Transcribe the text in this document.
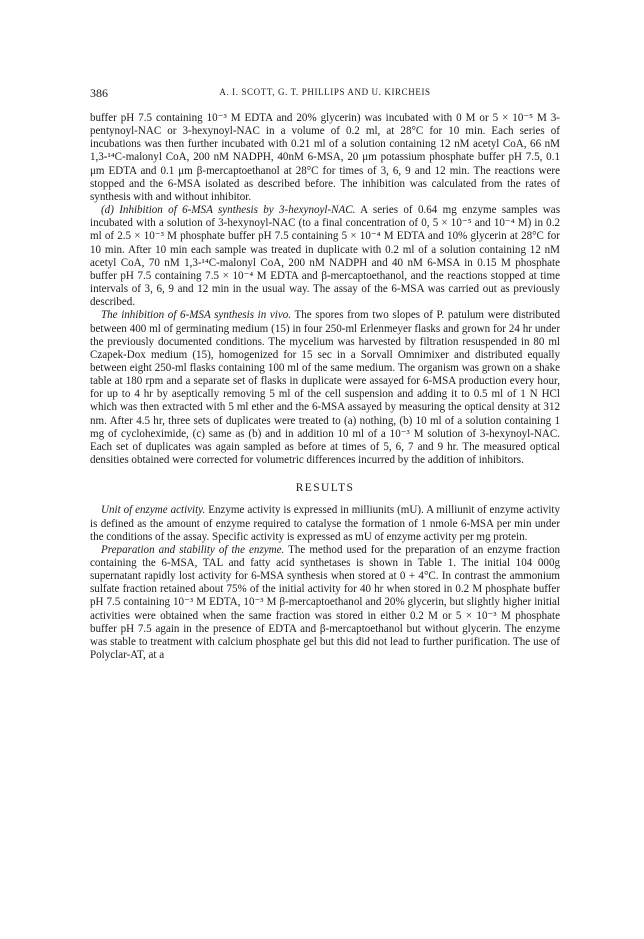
386	A. I. SCOTT, G. T. PHILLIPS AND U. KIRCHEIS

buffer pH 7.5 containing 10⁻³ M EDTA and 20% glycerin) was incubated with 0 M or 5 × 10⁻⁵ M 3-pentynoyl-NAC or 3-hexynoyl-NAC in a volume of 0.2 ml, at 28°C for 10 min. Each series of incubations was then further incubated with 0.21 ml of a solution containing 12 nM acetyl CoA, 66 nM 1,3-¹⁴C-malonyl CoA, 200 nM NADPH, 40nM 6-MSA, 20 μm potassium phosphate buffer pH 7.5, 0.1 μm EDTA and 0.1 μm β-mercaptoethanol at 28°C for times of 3, 6, 9 and 12 min. The reactions were stopped and the 6-MSA isolated as described before. The inhibition was calculated from the rates of synthesis with and without inhibitor.

(d) Inhibition of 6-MSA synthesis by 3-hexynoyl-NAC. A series of 0.64 mg enzyme samples was incubated with a solution of 3-hexynoyl-NAC (to a final concentration of 0, 5 × 10⁻⁵ and 10⁻⁴ M) in 0.2 ml of 2.5 × 10⁻³ M phosphate buffer pH 7.5 containing 5 × 10⁻⁴ M EDTA and 10% glycerin at 28°C for 10 min. After 10 min each sample was treated in duplicate with 0.2 ml of a solution containing 12 nM acetyl CoA, 70 nM 1,3-¹⁴C-malonyl CoA, 200 nM NADPH and 40 nM 6-MSA in 0.15 M phosphate buffer pH 7.5 containing 7.5 × 10⁻⁴ M EDTA and β-mercaptoethanol, and the reactions stopped at time intervals of 3, 6, 9 and 12 min in the usual way. The assay of the 6-MSA was carried out as previously described.

The inhibition of 6-MSA synthesis in vivo. The spores from two slopes of P. patulum were distributed between 400 ml of germinating medium (15) in four 250-ml Erlenmeyer flasks and grown for 24 hr under the previously documented conditions. The mycelium was harvested by filtration resuspended in 80 ml Czapek-Dox medium (15), homogenized for 15 sec in a Sorvall Omnimixer and distributed equally between eight 250-ml flasks containing 100 ml of the same medium. The organism was grown on a shake table at 180 rpm and a separate set of flasks in duplicate were assayed for 6-MSA production every hour, for up to 4 hr by aseptically removing 5 ml of the cell suspension and adding it to 0.5 ml of 1 N HCl which was then extracted with 5 ml ether and the 6-MSA assayed by measuring the optical density at 312 nm. After 4.5 hr, three sets of duplicates were treated to (a) nothing, (b) 10 ml of a solution containing 1 mg of cycloheximide, (c) same as (b) and in addition 10 ml of a 10⁻³ M solution of 3-hexynoyl-NAC. Each set of duplicates was again sampled as before at times of 5, 6, 7 and 9 hr. The measured optical densities obtained were corrected for volumetric differences incurred by the addition of inhibitors.

RESULTS

Unit of enzyme activity. Enzyme activity is expressed in milliunits (mU). A milliunit of enzyme activity is defined as the amount of enzyme required to catalyse the formation of 1 nmole 6-MSA per min under the conditions of the assay. Specific activity is expressed as mU of enzyme activity per mg protein.

Preparation and stability of the enzyme. The method used for the preparation of an enzyme fraction containing the 6-MSA, TAL and fatty acid synthetases is shown in Table 1. The initial 104 000g supernatant rapidly lost activity for 6-MSA synthesis when stored at 0 + 4°C. In contrast the ammonium sulfate fraction retained about 75% of the initial activity for 40 hr when stored in 0.2 M phosphate buffer pH 7.5 containing 10⁻³ M EDTA, 10⁻³ M β-mercaptoethanol and 20% glycerin, but slightly higher initial activities were obtained when the same fraction was stored in either 0.2 M or 5 × 10⁻³ M phosphate buffer pH 7.5 again in the presence of EDTA and β-mercaptoethanol but without glycerin. The enzyme was stable to treatment with calcium phosphate gel but this did not lead to further purification. The use of Polyclar-AT, at a
